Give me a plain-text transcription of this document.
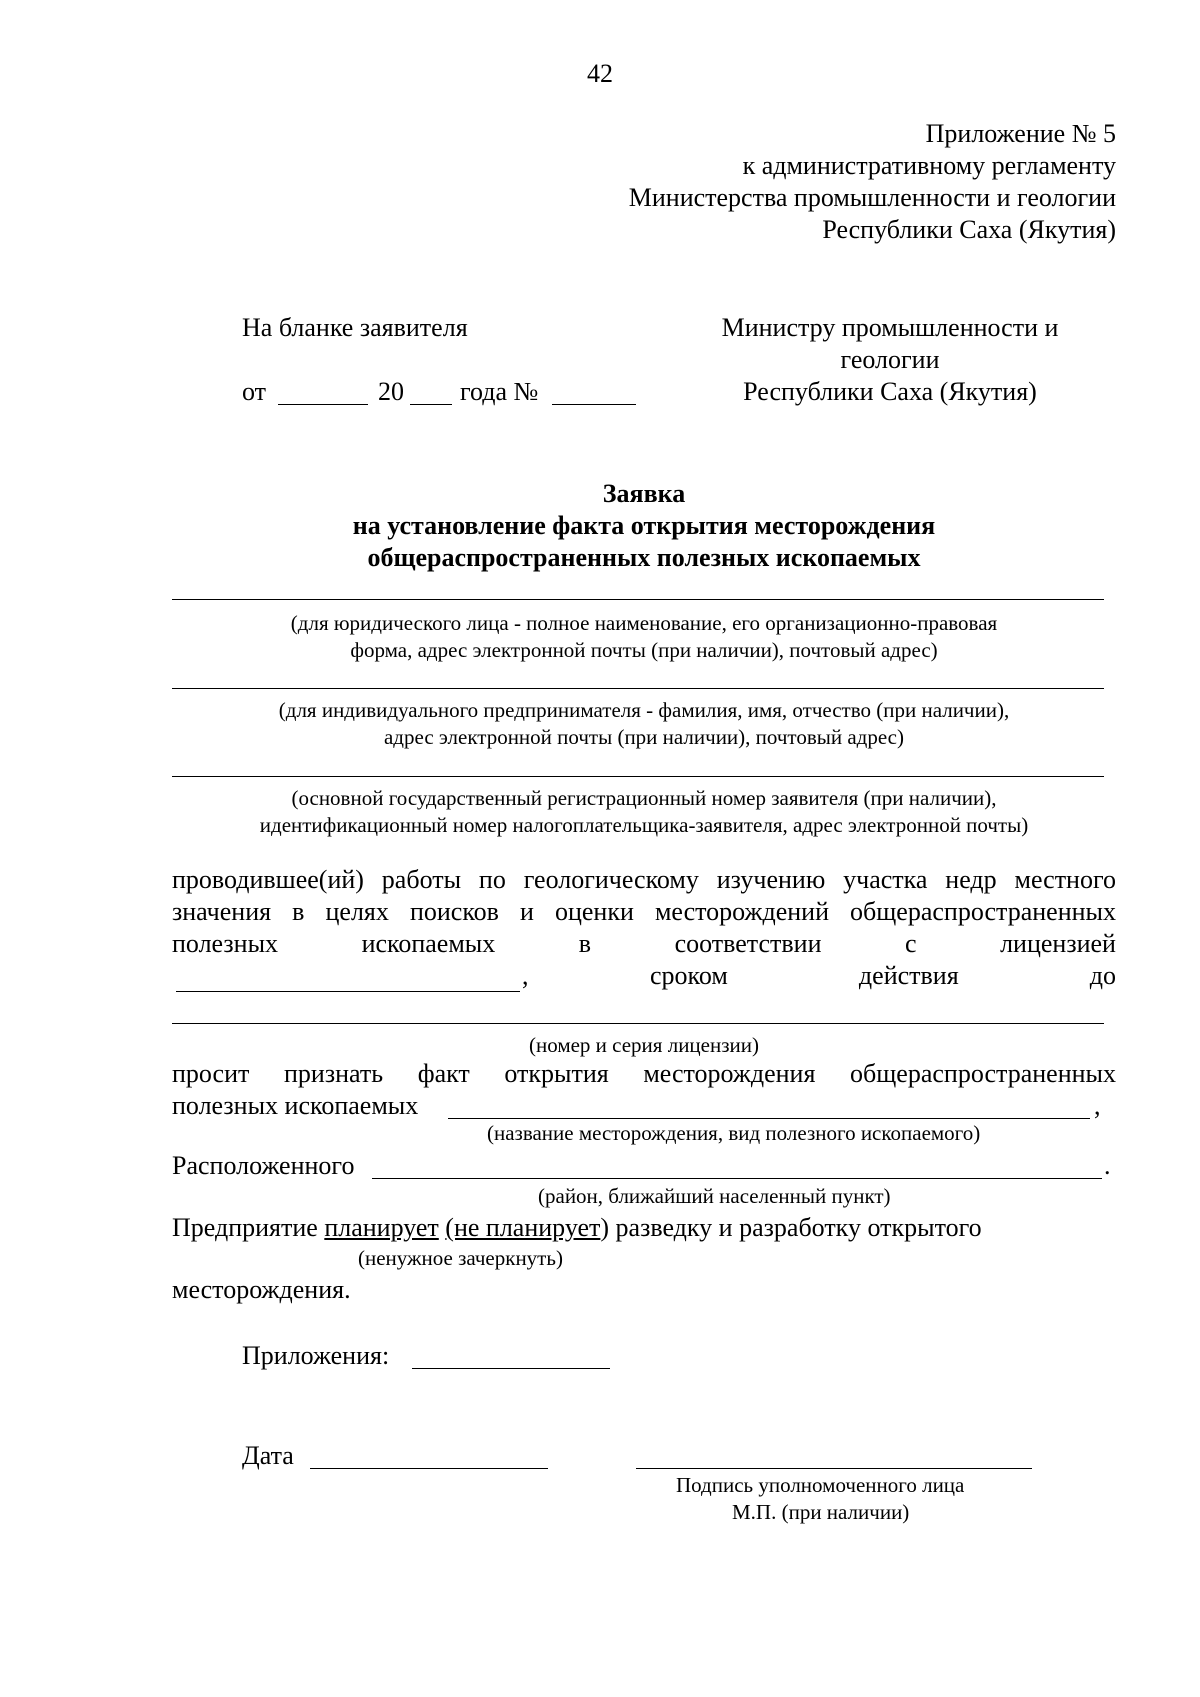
42
Приложение № 5
к административному регламенту
Министерства промышленности и геологии
Республики Саха (Якутия)
На бланке заявителя
от	20 года №
Министру промышленности и
геологии
Республики Саха (Якутия)
Заявка
на установление факта открытия месторождения
общераспространенных полезных ископаемых
(для юридического лица - полное наименование, его организационно-правовая
форма, адрес электронной почты (при наличии), почтовый адрес)
(для индивидуального предпринимателя - фамилия, имя, отчество (при наличии),
адрес электронной почты (при наличии), почтовый адрес)
(основной государственный регистрационный номер заявителя (при наличии),
идентификационный номер налогоплательщика-заявителя, адрес электронной почты)
проводившее(ий) работы по геологическому изучению участка недр местного
значения в целях поисков и оценки месторождений общераспространенных
полезных	ископаемых	в	соответствии	с	лицензией
,	сроком	действия	до
(номер и серия лицензии)
просит признать факт открытия месторождения общераспространенных
полезных ископаемых	,
(название месторождения, вид полезного ископаемого)
Расположенного	.
(район, ближайший населенный пункт)
Предприятие планирует (не планирует) разведку и разработку открытого
(ненужное зачеркнуть)
месторождения.
Приложения:
Дата
Подпись уполномоченного лица
М.П. (при наличии)
